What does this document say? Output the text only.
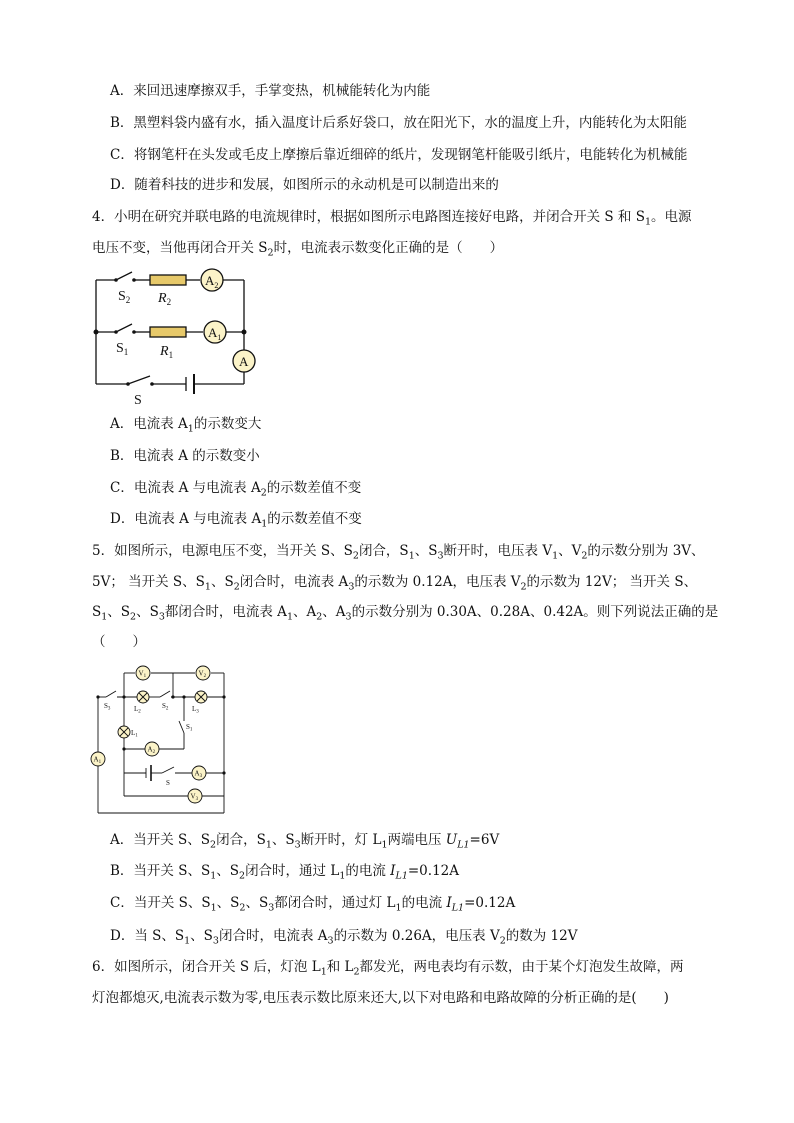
A．来回迅速摩擦双手，手掌变热，机械能转化为内能
B．黑塑料袋内盛有水，插入温度计后系好袋口，放在阳光下，水的温度上升，内能转化为太阳能
C．将钢笔杆在头发或毛皮上摩擦后靠近细碎的纸片，发现钢笔杆能吸引纸片，电能转化为机械能
D．随着科技的进步和发展，如图所示的永动机是可以制造出来的
4．小明在研究并联电路的电流规律时，根据如图所示电路图连接好电路，并闭合开关 S 和 $S_1$。电源
电压不变，当他再闭合开关 $S_2$时，电流表示数变化正确的是（　　）
$S_2$ $R_2$
$A_2$
$S_1$ $R_1$
$A_1$
A
S
A．电流表 $A_1$的示数变大
B．电流表 A 的示数变小
C．电流表 A 与电流表 $A_2$的示数差值不变
D．电流表 A 与电流表 $A_1$的示数差值不变
5．如图所示，电源电压不变，当开关 S、$S_2$闭合，$S_1$、$S_3$断开时，电压表 $V_1$、$V_2$的示数分别为 3V、
5V； 当开关 S、$S_1$、$S_2$闭合时，电流表 $A_3$的示数为 0.12A，电压表 $V_2$的示数为 12V； 当开关 S、
$S_1$、$S_2$、$S_3$都闭合时，电流表 $A_1$、$A_2$、$A_3$的示数分别为 0.30A、0.28A、0.42A。则下列说法正确的是
（　　）
$V_1$	$V_2$
$S_3$	$L_2$
$S_2$	$L_3$
$S_1$
$L_1$
$A_2$
$A_1$
$A_3$
S
$V_3$
A．当开关 S、$S_2$闭合，$S_1$、$S_3$断开时，灯 $L_1$两端电压 $U_{L1}=6V$
B．当开关 S、$S_1$、$S_2$闭合时，通过 $L_1$的电流 $I_{L1}=0.12A$
C．当开关 S、$S_1$、$S_2$、$S_3$都闭合时，通过灯 $L_1$的电流 $I_{L1}=0.12A$
D．当 S、$S_1$、$S_3$闭合时，电流表 $A_3$的示数为 0.26A，电压表 $V_2$的数为 12V
6．如图所示，闭合开关 S 后，灯泡 $L_1$和 $L_2$都发光，两电表均有示数，由于某个灯泡发生故障，两
灯泡都熄灭,电流表示数为零,电压表示数比原来还大,以下对电路和电路故障的分析正确的是(　　)
